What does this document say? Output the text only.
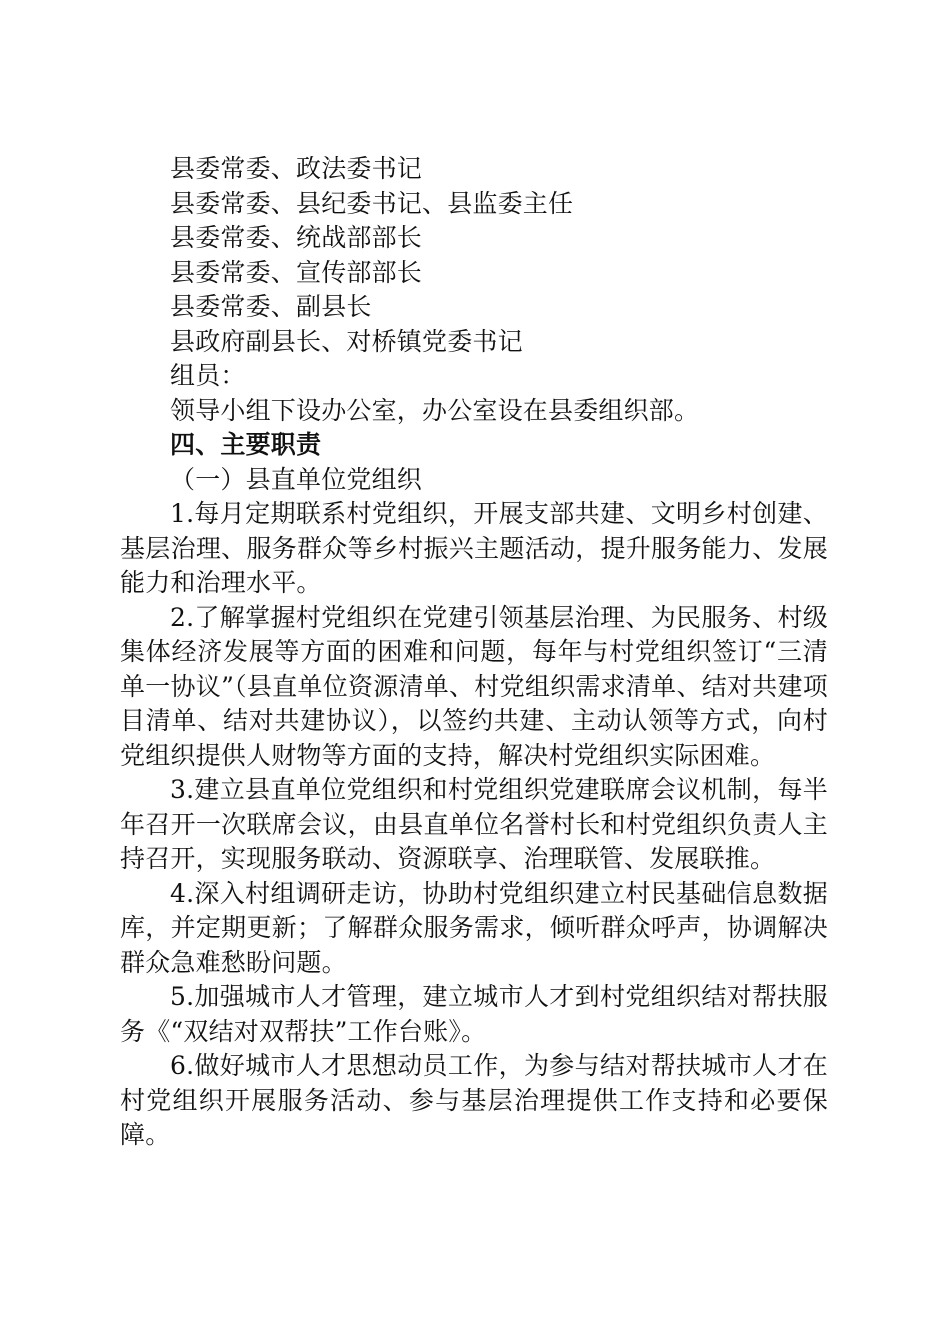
县委常委、政法委书记
县委常委、县纪委书记、县监委主任
县委常委、统战部部长
县委常委、宣传部部长
县委常委、副县长
县政府副县长、对桥镇党委书记
组员：
领导小组下设办公室，办公室设在县委组织部。
四、主要职责
（一）县直单位党组织

1.每月定期联系村党组织，开展支部共建、文明乡村创建、基层治理、服务群众等乡村振兴主题活动，提升服务能力、发展能力和治理水平。

2.了解掌握村党组织在党建引领基层治理、为民服务、村级集体经济发展等方面的困难和问题，每年与村党组织签订“三清单一协议”（县直单位资源清单、村党组织需求清单、结对共建项目清单、结对共建协议），以签约共建、主动认领等方式，向村党组织提供人财物等方面的支持，解决村党组织实际困难。

3.建立县直单位党组织和村党组织党建联席会议机制，每半年召开一次联席会议，由县直单位名誉村长和村党组织负责人主持召开，实现服务联动、资源联享、治理联管、发展联推。

4.深入村组调研走访，协助村党组织建立村民基础信息数据库，并定期更新；了解群众服务需求，倾听群众呼声，协调解决群众急难愁盼问题。

5.加强城市人才管理，建立城市人才到村党组织结对帮扶服务《“双结对双帮扶”工作台账》。

6.做好城市人才思想动员工作，为参与结对帮扶城市人才在村党组织开展服务活动、参与基层治理提供工作支持和必要保障。
